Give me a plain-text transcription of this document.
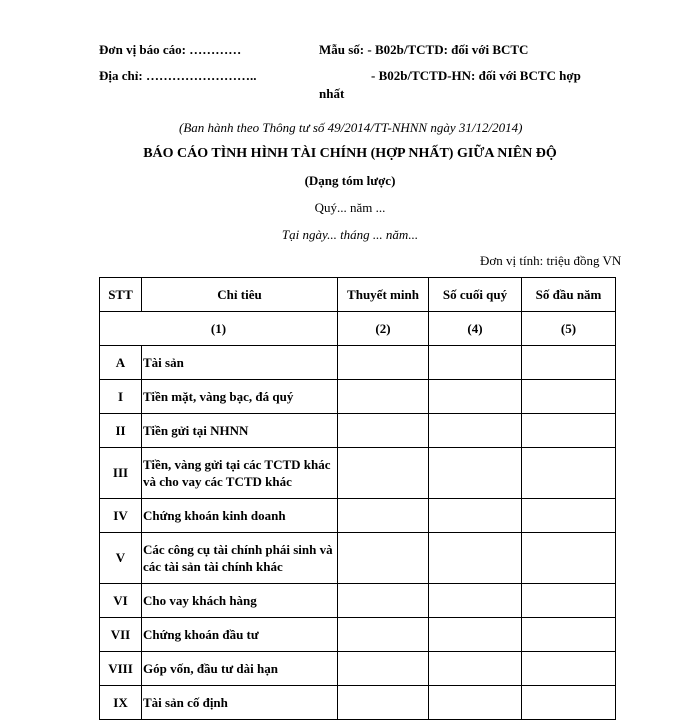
Đơn vị báo cáo: …………
Địa chỉ: ……………………..
Mẫu số: - B02b/TCTD: đối với BCTC
- B02b/TCTD-HN: đối với BCTC hợp
nhất
(Ban hành theo Thông tư số 49/2014/TT-NHNN ngày 31/12/2014)
BÁO CÁO TÌNH HÌNH TÀI CHÍNH (HỢP NHẤT) GIỮA NIÊN ĐỘ
(Dạng tóm lược)
Quý... năm ...
Tại ngày... tháng ... năm...
Đơn vị tính: triệu đồng VN
STT	Chỉ tiêu	Thuyết minh	Số cuối quý	Số đầu năm
(1)		(2)	(4)	(5)
A	Tài sản			
I	Tiền mặt, vàng bạc, đá quý			
II	Tiền gửi tại NHNN			
III	Tiền, vàng gửi tại các TCTD khác và cho vay các TCTD khác			
IV	Chứng khoán kinh doanh			
V	Các công cụ tài chính phái sinh và các tài sản tài chính khác			
VI	Cho vay khách hàng			
VII	Chứng khoán đầu tư			
VIII	Góp vốn, đầu tư dài hạn			
IX	Tài sản cố định			
